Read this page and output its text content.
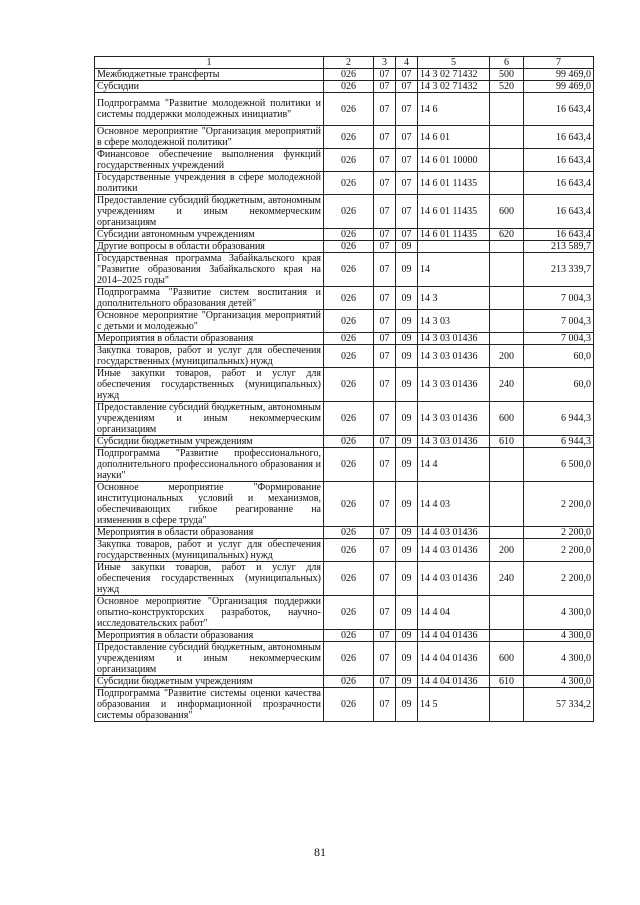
1	2	3	4	5	6	7
Межбюджетные трансферты	026	07	07	14 3 02 71432	500	99 469,0
Субсидии	026	07	07	14 3 02 71432	520	99 469,0
Подпрограмма "Развитие молодежной политики и системы поддержки молодежных инициатив"	026	07	07	14 6		16 643,4
Основное мероприятие "Организация мероприятий в сфере молодежной политики"	026	07	07	14 6 01		16 643,4
Финансовое обеспечение выполнения функций государственных учреждений	026	07	07	14 6 01 10000		16 643,4
Государственные учреждения в сфере молодежной политики	026	07	07	14 6 01 11435		16 643,4
Предоставление субсидий бюджетным, автономным учреждениям и иным некоммерческим организациям	026	07	07	14 6 01 11435	600	16 643,4
Субсидии автономным учреждениям	026	07	07	14 6 01 11435	620	16 643,4
Другие вопросы в области образования	026	07	09			213 589,7
Государственная программа Забайкальского края "Развитие образования Забайкальского края на 2014–2025 годы"	026	07	09	14		213 339,7
Подпрограмма "Развитие систем воспитания и дополнительного образования детей"	026	07	09	14 3		7 004,3
Основное мероприятие "Организация мероприятий с детьми и молодежью"	026	07	09	14 3 03		7 004,3
Мероприятия в области образования	026	07	09	14 3 03 01436		7 004,3
Закупка товаров, работ и услуг для обеспечения государственных (муниципальных) нужд	026	07	09	14 3 03 01436	200	60,0
Иные закупки товаров, работ и услуг для обеспечения государственных (муниципальных) нужд	026	07	09	14 3 03 01436	240	60,0
Предоставление субсидий бюджетным, автономным учреждениям и иным некоммерческим организациям	026	07	09	14 3 03 01436	600	6 944,3
Субсидии бюджетным учреждениям	026	07	09	14 3 03 01436	610	6 944,3
Подпрограмма "Развитие профессионального, дополнительного профессионального образования и науки"	026	07	09	14 4		6 500,0
Основное мероприятие "Формирование институциональных условий и механизмов, обеспечивающих гибкое реагирование на изменения в сфере труда"	026	07	09	14 4 03		2 200,0
Мероприятия в области образования	026	07	09	14 4 03 01436		2 200,0
Закупка товаров, работ и услуг для обеспечения государственных (муниципальных) нужд	026	07	09	14 4 03 01436	200	2 200,0
Иные закупки товаров, работ и услуг для обеспечения государственных (муниципальных) нужд	026	07	09	14 4 03 01436	240	2 200,0
Основное мероприятие "Организация поддержки опытно-конструкторских разработок, научно-исследовательских работ"	026	07	09	14 4 04		4 300,0
Мероприятия в области образования	026	07	09	14 4 04 01436		4 300,0
Предоставление субсидий бюджетным, автономным учреждениям и иным некоммерческим организациям	026	07	09	14 4 04 01436	600	4 300,0
Субсидии бюджетным учреждениям	026	07	09	14 4 04 01436	610	4 300,0
Подпрограмма "Развитие системы оценки качества образования и информационной прозрачности системы образования"	026	07	09	14 5		57 334,2
81
